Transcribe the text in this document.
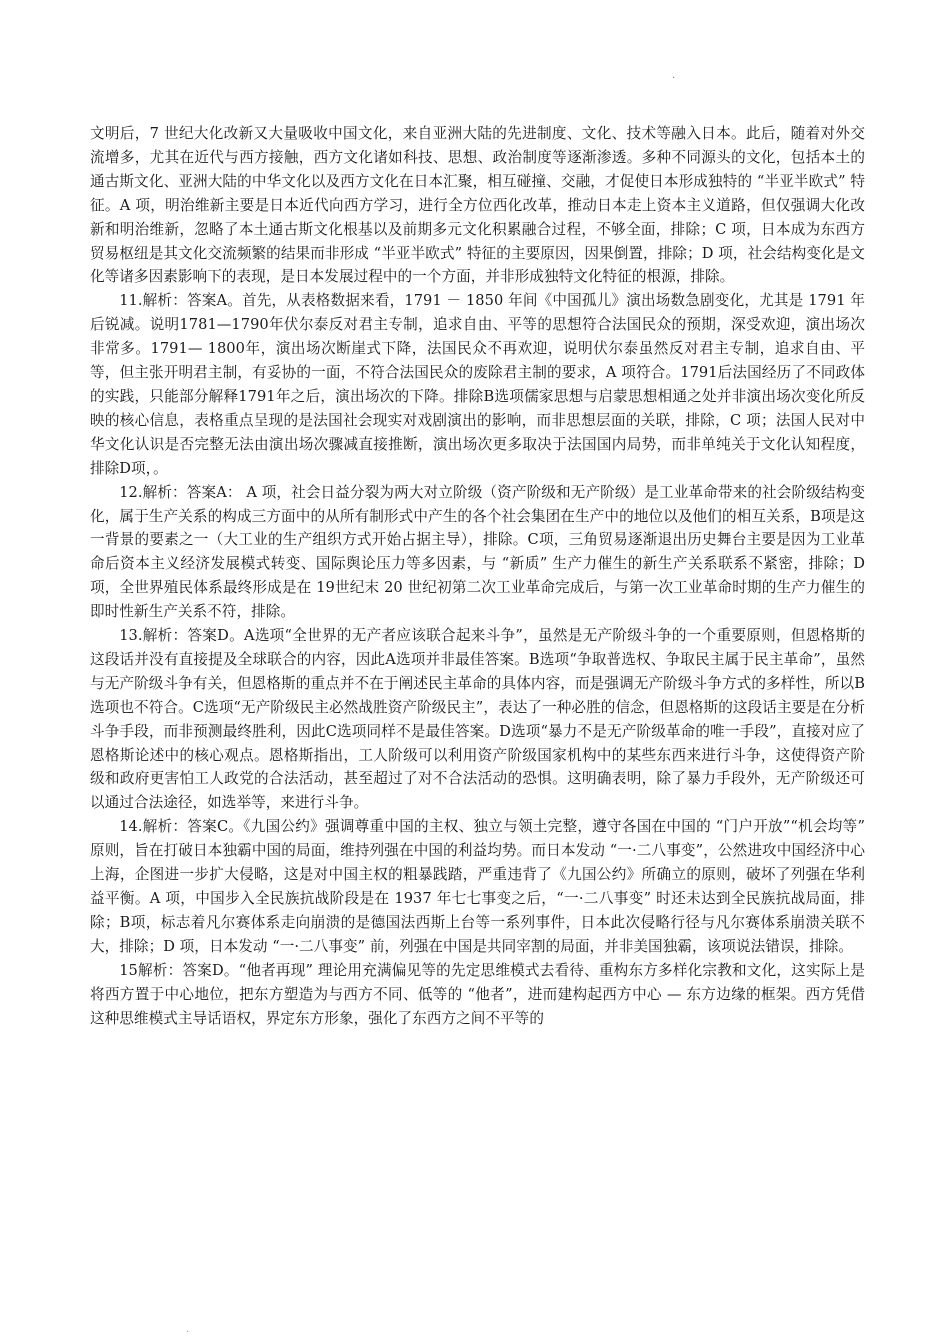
·

文明后，7 世纪大化改新又大量吸收中国文化，来自亚洲大陆的先进制度、文化、技术等融入日本。此后，随着对外交流增多，尤其在近代与西方接触，西方文化诸如科技、思想、政治制度等逐渐渗透。多种不同源头的文化，包括本土的通古斯文化、亚洲大陆的中华文化以及西方文化在日本汇聚，相互碰撞、交融，才促使日本形成独特的 “半亚半欧式” 特征。A 项，明治维新主要是日本近代向西方学习，进行全方位西化改革，推动日本走上资本主义道路，但仅强调大化改新和明治维新，忽略了本土通古斯文化根基以及前期多元文化积累融合过程，不够全面，排除；C 项，日本成为东西方贸易枢纽是其文化交流频繁的结果而非形成 “半亚半欧式” 特征的主要原因，因果倒置，排除；D 项，社会结构变化是文化等诸多因素影响下的表现，是日本发展过程中的一个方面，并非形成独特文化特征的根源，排除。

11.解析：答案A。首先，从表格数据来看，1791 － 1850 年间《中国孤儿》演出场数急剧变化，尤其是 1791 年后锐减。说明1781—1790年伏尔泰反对君主专制，追求自由、平等的思想符合法国民众的预期，深受欢迎，演出场次非常多。1791— 1800年，演出场次断崖式下降，法国民众不再欢迎，说明伏尔泰虽然反对君主专制，追求自由、平等，但主张开明君主制，有妥协的一面，不符合法国民众的废除君主制的要求，A 项符合。1791后法国经历了不同政体的实践，只能部分解释1791年之后，演出场次的下降。排除B选项儒家思想与启蒙思想相通之处并非演出场次变化所反映的核心信息，表格重点呈现的是法国社会现实对戏剧演出的影响，而非思想层面的关联，排除，C 项；法国人民对中华文化认识是否完整无法由演出场次骤减直接推断，演出场次更多取决于法国国内局势，而非单纯关于文化认知程度，排除D项，。

12.解析：答案A： A 项，社会日益分裂为两大对立阶级（资产阶级和无产阶级）是工业革命带来的社会阶级结构变化，属于生产关系的构成三方面中的从所有制形式中产生的各个社会集团在生产中的地位以及他们的相互关系，B项是这一背景的要素之一（大工业的生产组织方式开始占据主导），排除。C项，三角贸易逐渐退出历史舞台主要是因为工业革命后资本主义经济发展模式转变、国际舆论压力等多因素，与 “新质” 生产力催生的新生产关系联系不紧密，排除；D 项，全世界殖民体系最终形成是在 19世纪末 20 世纪初第二次工业革命完成后，与第一次工业革命时期的生产力催生的即时性新生产关系不符，排除。

13.解析：答案D。A选项“全世界的无产者应该联合起来斗争”，虽然是无产阶级斗争的一个重要原则，但恩格斯的这段话并没有直接提及全球联合的内容，因此A选项并非最佳答案。B选项“争取普选权、争取民主属于民主革命”，虽然与无产阶级斗争有关，但恩格斯的重点并不在于阐述民主革命的具体内容，而是强调无产阶级斗争方式的多样性，所以B选项也不符合。C选项“无产阶级民主必然战胜资产阶级民主”，表达了一种必胜的信念，但恩格斯的这段话主要是在分析斗争手段，而非预测最终胜利，因此C选项同样不是最佳答案。D选项“暴力不是无产阶级革命的唯一手段”，直接对应了恩格斯论述中的核心观点。恩格斯指出，工人阶级可以利用资产阶级国家机构中的某些东西来进行斗争，这使得资产阶级和政府更害怕工人政党的合法活动，甚至超过了对不合法活动的恐惧。这明确表明，除了暴力手段外，无产阶级还可以通过合法途径，如选举等，来进行斗争。

14.解析：答案C。《九国公约》强调尊重中国的主权、独立与领土完整，遵守各国在中国的 “门户开放”“机会均等” 原则，旨在打破日本独霸中国的局面，维持列强在中国的利益均势。而日本发动 “一·二八事变”，公然进攻中国经济中心上海，企图进一步扩大侵略，这是对中国主权的粗暴践踏，严重违背了《九国公约》所确立的原则，破坏了列强在华利益平衡。A 项，中国步入全民族抗战阶段是在 1937 年七七事变之后，“一·二八事变” 时还未达到全民族抗战局面，排除；B项，标志着凡尔赛体系走向崩溃的是德国法西斯上台等一系列事件，日本此次侵略行径与凡尔赛体系崩溃关联不大，排除；D 项，日本发动 “一·二八事变” 前，列强在中国是共同宰割的局面，并非美国独霸，该项说法错误，排除。

15解析：答案D。“他者再现” 理论用充满偏见等的先定思维模式去看待、重构东方多样化宗教和文化，这实际上是将西方置于中心地位，把东方塑造为与西方不同、低等的 “他者”，进而建构起西方中心 — 东方边缘的框架。西方凭借这种思维模式主导话语权，界定东方形象，强化了东西方之间不平等的

·
